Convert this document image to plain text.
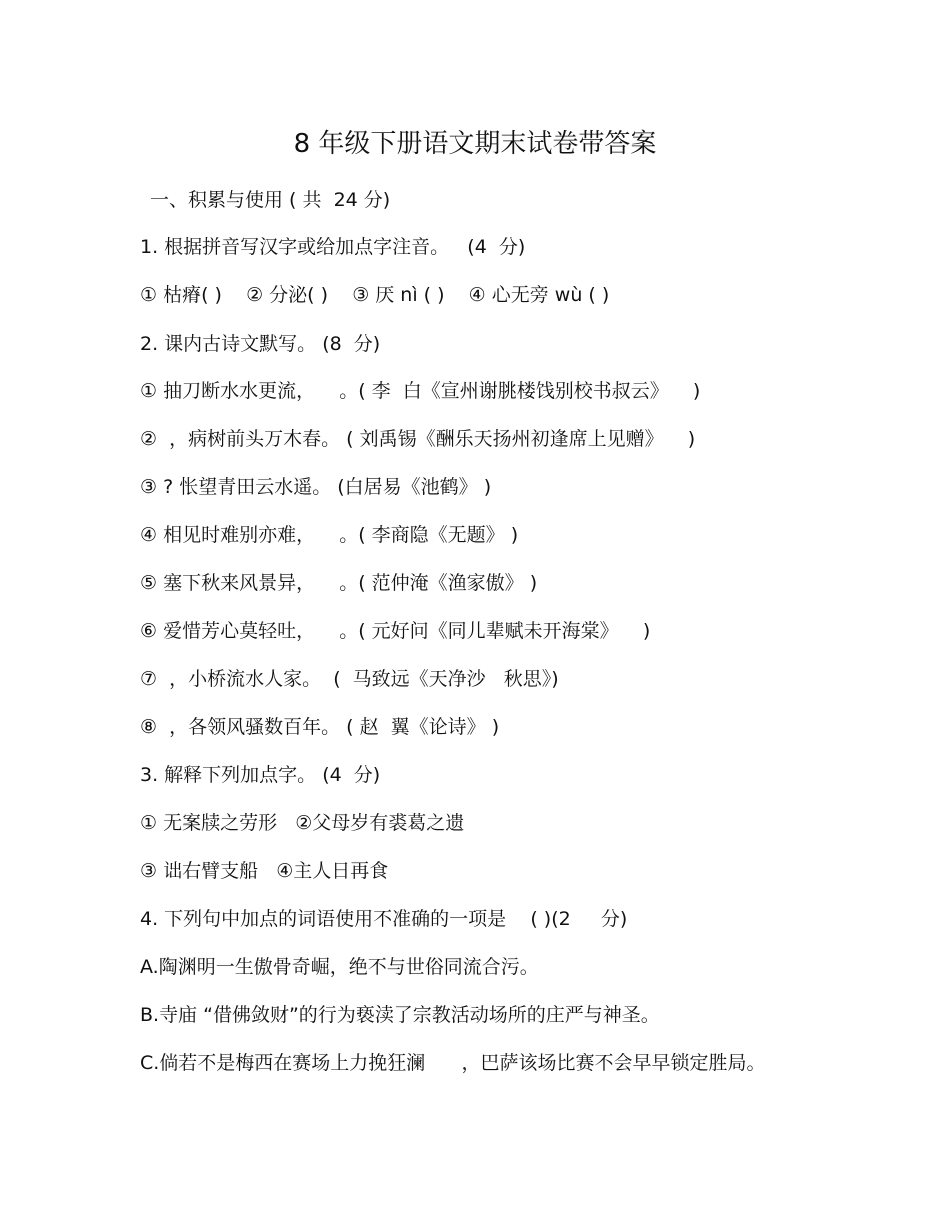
8 年级下册语文期末试卷带答案
一、积累与使用 ( 共  24 分)
1. 根据拼音写汉字或给加点字注音。   (4  分)
① 枯瘠( )    ② 分泌( )    ③ 厌 nì ( )    ④ 心无旁 wù ( )
2. 课内古诗文默写。 (8  分)
① 抽刀断水水更流，    。( 李  白《宣州谢朓楼饯别校书叔云》    )
②  ，病树前头万木春。 ( 刘禹锡《酬乐天扬州初逢席上见赠》    )
③ ? 怅望青田云水遥。 (白居易《池鹤》 )
④ 相见时难别亦难，    。( 李商隐《无题》 )
⑤ 塞下秋来风景异，    。( 范仲淹《渔家傲》 )
⑥ 爱惜芳心莫轻吐，    。( 元好问《同儿辈赋未开海棠》    )
⑦  ，小桥流水人家。  (  马致远《天净沙   秋思》)
⑧  ，各领风骚数百年。 ( 赵  翼《论诗》 )
3. 解释下列加点字。 (4  分)
① 无案牍之劳形   ②父母岁有裘葛之遗
③ 诎右臂支船   ④主人日再食
4. 下列句中加点的词语使用不准确的一项是    ( )(2     分)
A.陶渊明一生傲骨奇崛，绝不与世俗同流合污。
B.寺庙 “借佛敛财”的行为亵渎了宗教活动场所的庄严与神圣。
C.倘若不是梅西在赛场上力挽狂澜      ，巴萨该场比赛不会早早锁定胜局。
